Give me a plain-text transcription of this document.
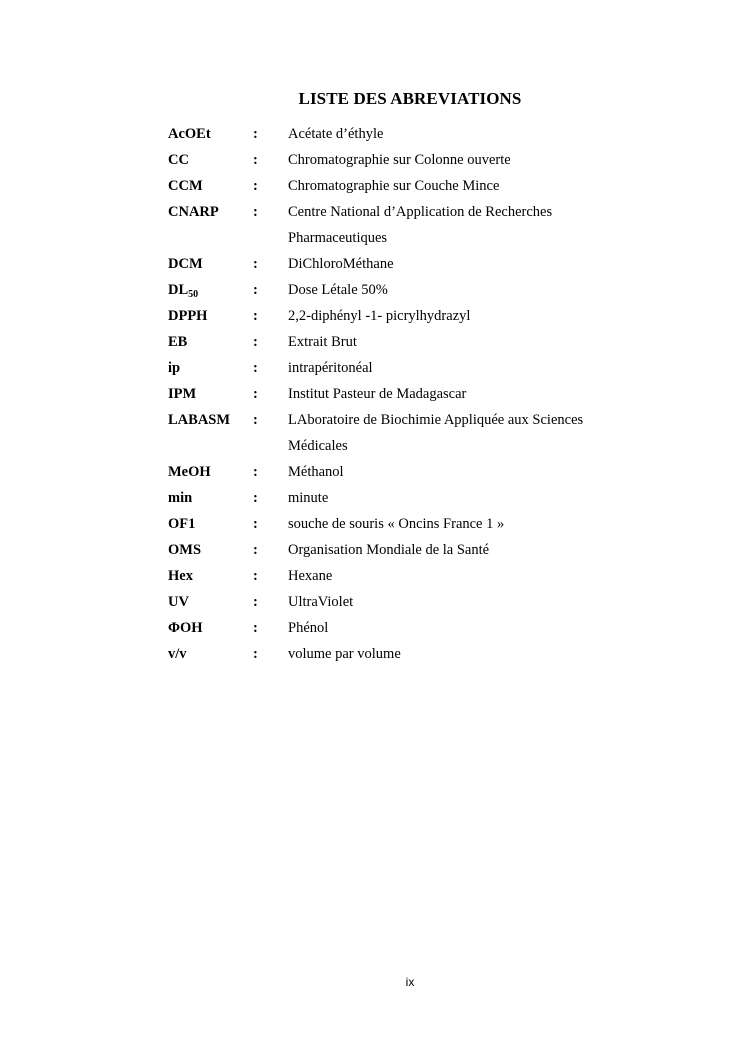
LISTE DES ABREVIATIONS
AcOEt	: Acétate d’éthyle
CC	: Chromatographie sur Colonne ouverte
CCM	: Chromatographie sur Couche Mince
CNARP : Centre National d’Application de Recherches
Pharmaceutiques
DCM	: DiChloroMéthane
$DL_{50}$	: Dose Létale 50%
DPPH	: 2,2-diphényl -1- picrylhydrazyl
EB	: Extrait Brut
ip	: intrapéritonéal
IPM	: Institut Pasteur de Madagascar
LABASM : LAboratoire de Biochimie Appliquée aux Sciences
Médicales
MeOH	: Méthanol
min	: minute
OF1	: souche de souris « Oncins France 1 »
OMS	: Organisation Mondiale de la Santé
Hex	: Hexane
UV	: UltraViolet
ΦOH	: Phénol
v/v	: volume par volume
ix
